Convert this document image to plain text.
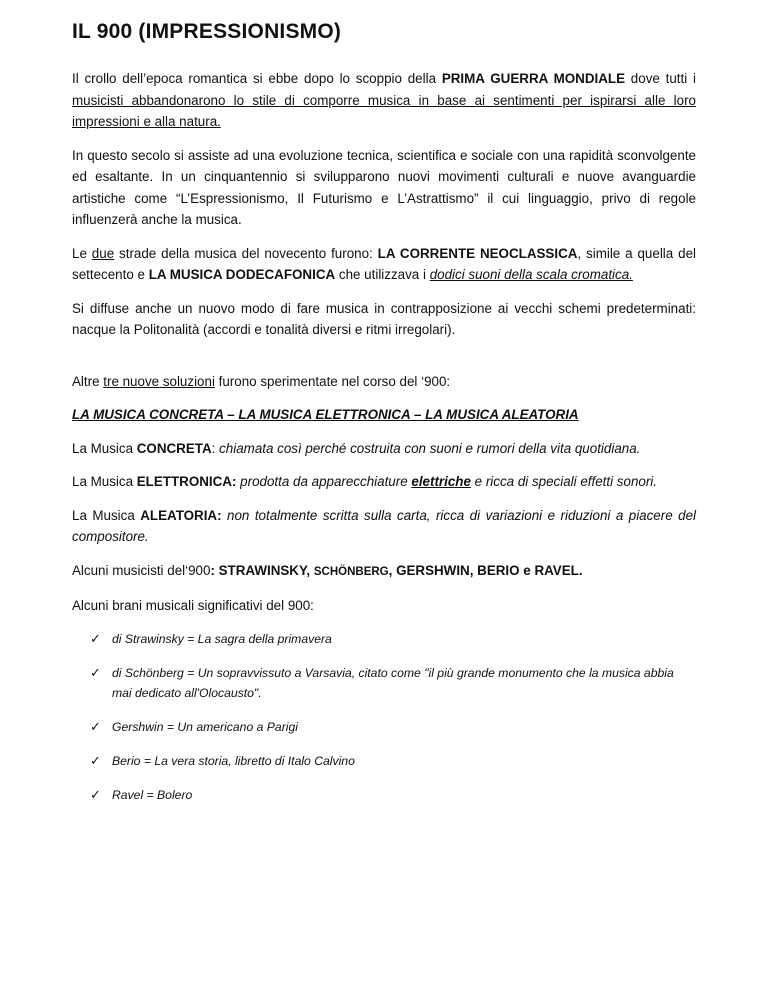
IL 900 (IMPRESSIONISMO)

Il crollo dell’epoca romantica si ebbe dopo lo scoppio della PRIMA GUERRA MONDIALE dove tutti i musicisti abbandonarono lo stile di comporre musica in base ai sentimenti per ispirarsi alle loro impressioni e alla natura.

In questo secolo si assiste ad una evoluzione tecnica, scientifica e sociale con una rapidità sconvolgente ed esaltante. In un cinquantennio si svilupparono nuovi movimenti culturali e nuove avanguardie artistiche come “L’Espressionismo, Il Futurismo e L’Astrattismo” il cui linguaggio, privo di regole influenzerà anche la musica.

Le due strade della musica del novecento furono: LA CORRENTE NEOCLASSICA, simile a quella del settecento e LA MUSICA DODECAFONICA che utilizzava i dodici suoni della scala cromatica.

Si diffuse anche un nuovo modo di fare musica in contrapposizione ai vecchi schemi predeterminati: nacque la Politonalità (accordi e tonalità diversi e ritmi irregolari).

Altre tre nuove soluzioni furono sperimentate nel corso del ‘900:

LA MUSICA CONCRETA – LA MUSICA ELETTRONICA – LA MUSICA ALEATORIA

La Musica CONCRETA: chiamata così perché costruita con suoni e rumori della vita quotidiana.

La Musica ELETTRONICA: prodotta da apparecchiature elettriche e ricca di speciali effetti sonori.

La Musica ALEATORIA: non totalmente scritta sulla carta, ricca di variazioni e riduzioni a piacere del compositore.

Alcuni musicisti del‘900: STRAWINSKY, SCHÖNBERG, GERSHWIN, BERIO e RAVEL.

Alcuni brani musicali significativi del 900:

✓ di Strawinsky = La sagra della primavera
✓ di Schönberg = Un sopravvissuto a Varsavia, citato come "il più grande monumento che la musica abbia mai dedicato all'Olocausto".
✓ Gershwin = Un americano a Parigi
✓ Berio = La vera storia, libretto di Italo Calvino
✓ Ravel = Bolero
